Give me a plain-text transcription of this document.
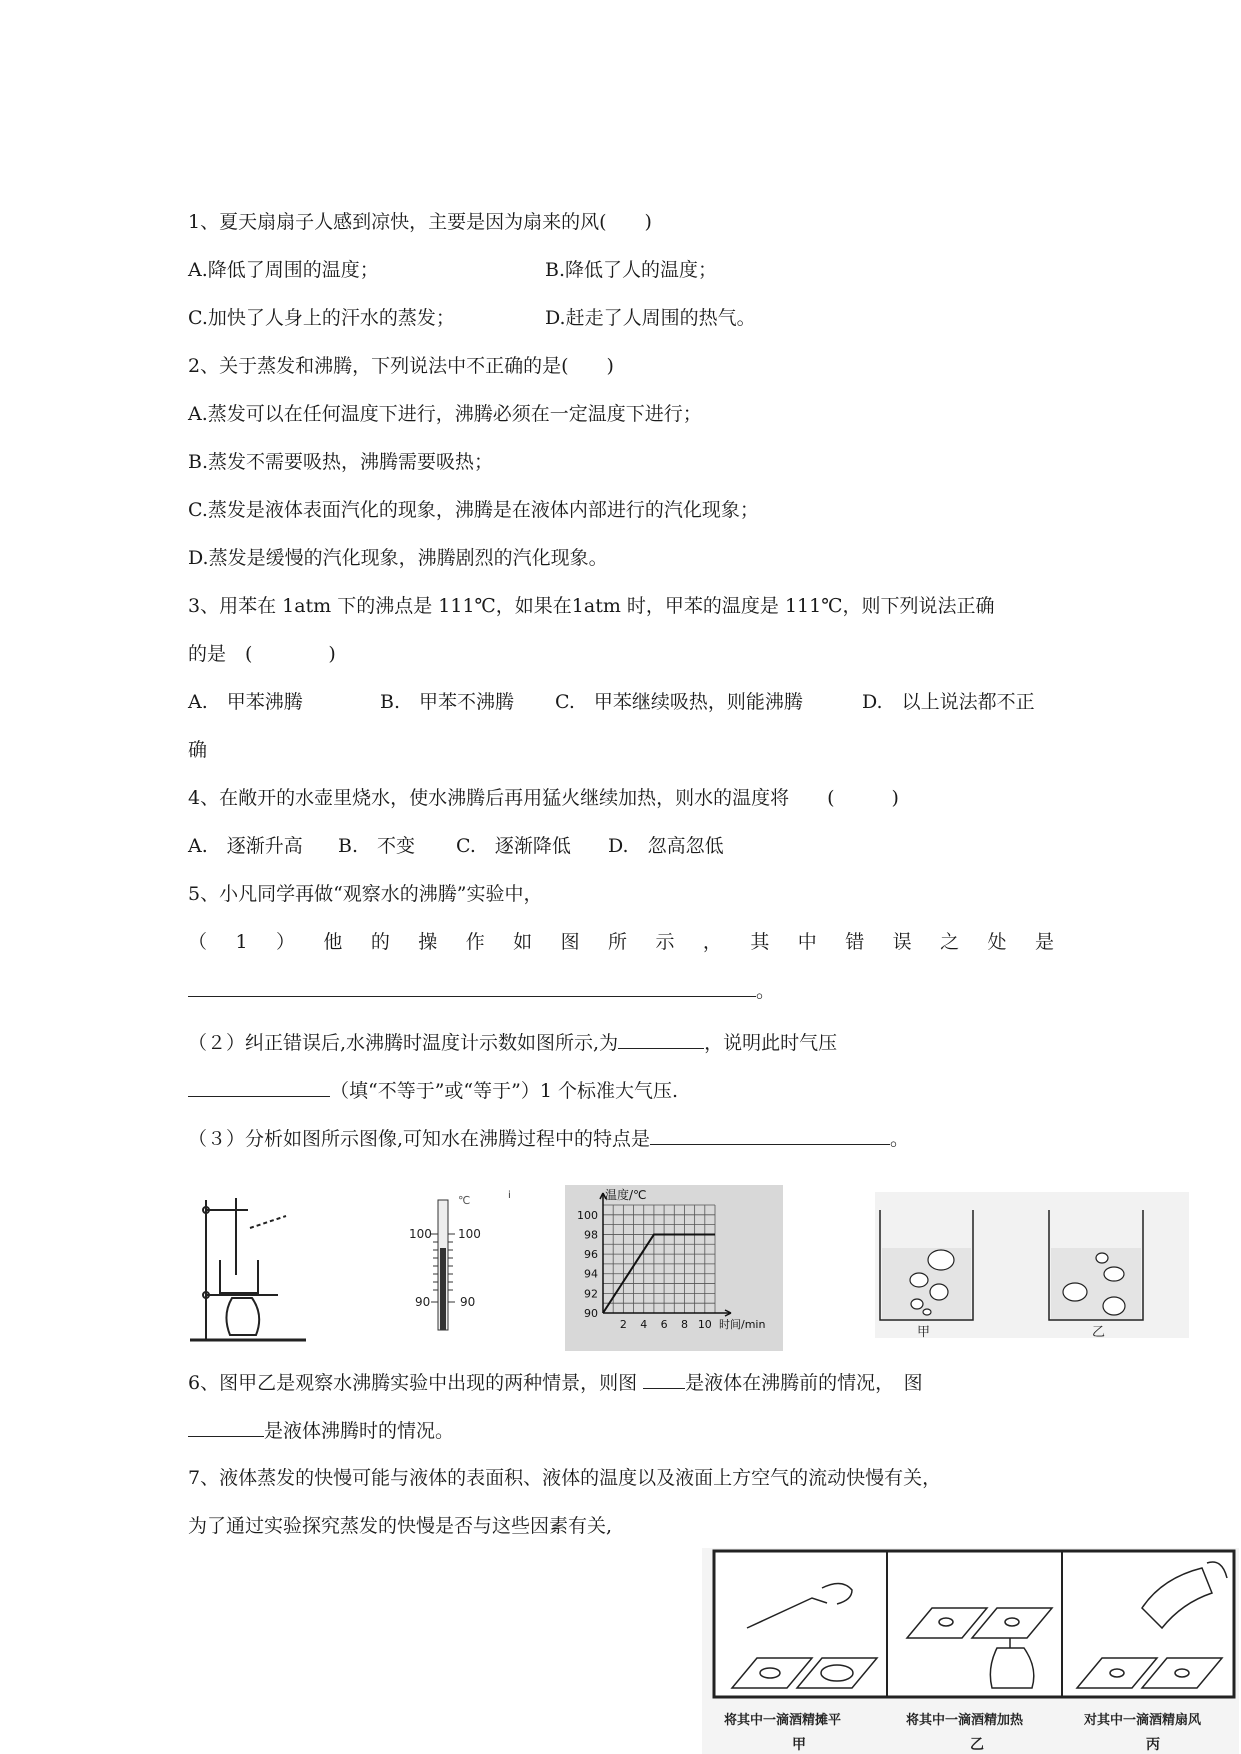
1、夏天扇扇子人感到凉快，主要是因为扇来的风(　　)
A.降低了周围的温度；	B.降低了人的温度；
C.加快了人身上的汗水的蒸发；	D.赶走了人周围的热气。
2、关于蒸发和沸腾，下列说法中不正确的是(　　)
A.蒸发可以在任何温度下进行，沸腾必须在一定温度下进行；
B.蒸发不需要吸热，沸腾需要吸热；
C.蒸发是液体表面汽化的现象，沸腾是在液体内部进行的汽化现象；
D.蒸发是缓慢的汽化现象，沸腾剧烈的汽化现象。
3、用苯在 1atm 下的沸点是 111℃，如果在1atm 时，甲苯的温度是 111℃，则下列说法正确
的是　(　　　　)
A.　甲苯沸腾	B.　甲苯不沸腾 C.　甲苯继续吸热，则能沸腾	D.　以上说法都不正
确
4、在敞开的水壶里烧水，使水沸腾后再用猛火继续加热，则水的温度将　　(　　　)
A.　逐渐升高 B.　不变 C.　逐渐降低 D.　忽高忽低
5、小凡同学再做“观察水的沸腾”实验中，
（ 1 ） 他 的 操 作 如 图 所 示 ， 其 中 错 误 之 处 是
。
（２）纠正错误后,水沸腾时温度计示数如图所示,为	，说明此时气压
（填“不等于”或“等于”）1 个标准大气压.
（３）分析如图所示图像,可知水在沸腾过程中的特点是	。
i
℃
100 100
90 90
2 4 6 8 10
90
92
94
96
98
100
温度/℃
时间/min
甲	乙
6、图甲乙是观察水沸腾实验中出现的两种情景，则图	是液体在沸腾前的情况，　图
是液体沸腾时的情况。
7、液体蒸发的快慢可能与液体的表面积、液体的温度以及液面上方空气的流动快慢有关，
为了通过实验探究蒸发的快慢是否与这些因素有关,
将其中一滴酒精摊平
甲
将其中一滴酒精加热
乙
对其中一滴酒精扇风
丙
